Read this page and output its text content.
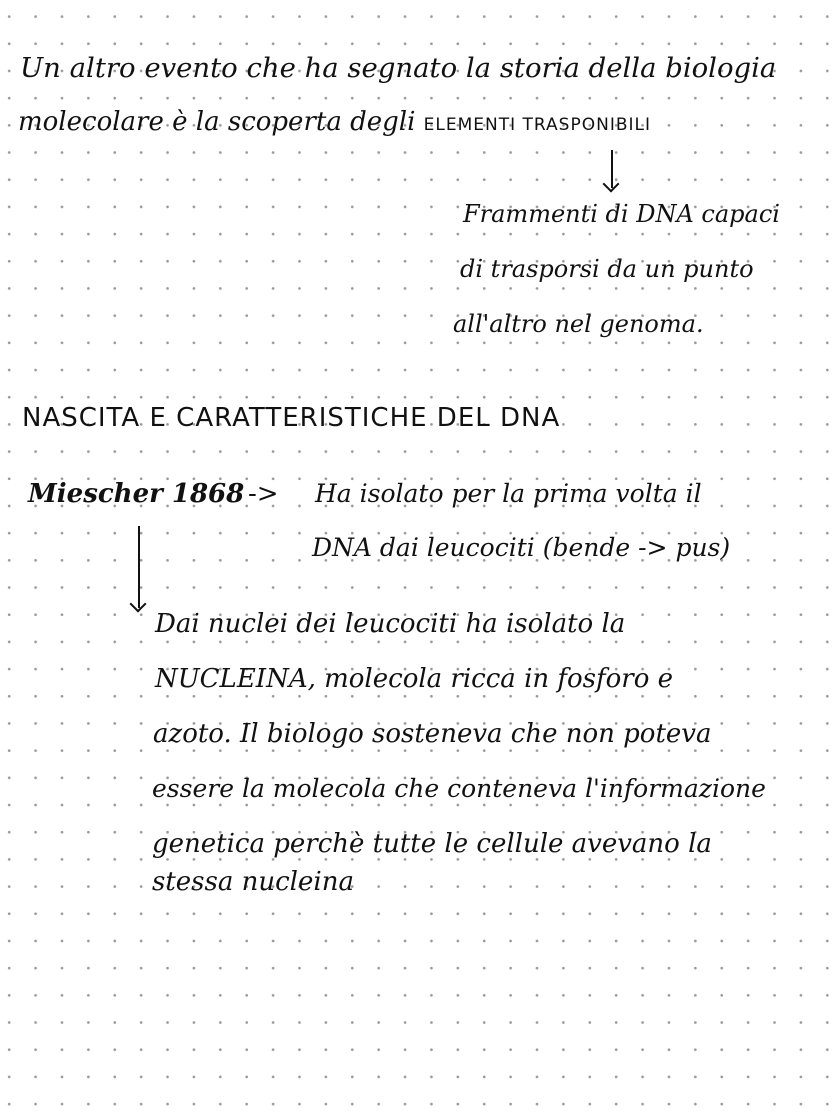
Un altro evento che ha segnato la storia della biologia
molecolare è la scoperta degli ELEMENTI TRASPONIBILI
Frammenti di DNA capaci
di trasporsi da un punto
all'altro nel genoma.
NASCITA E CARATTERISTICHE DEL DNA
Miescher 1868 -> Ha isolato per la prima volta il
DNA dai leucociti (bende -> pus)
Dai nuclei dei leucociti ha isolato la
NUCLEINA, molecola ricca in fosforo e
azoto. Il biologo sosteneva che non poteva
essere la molecola che conteneva l'informazione
genetica perchè tutte le cellule avevano la
stessa nucleina
